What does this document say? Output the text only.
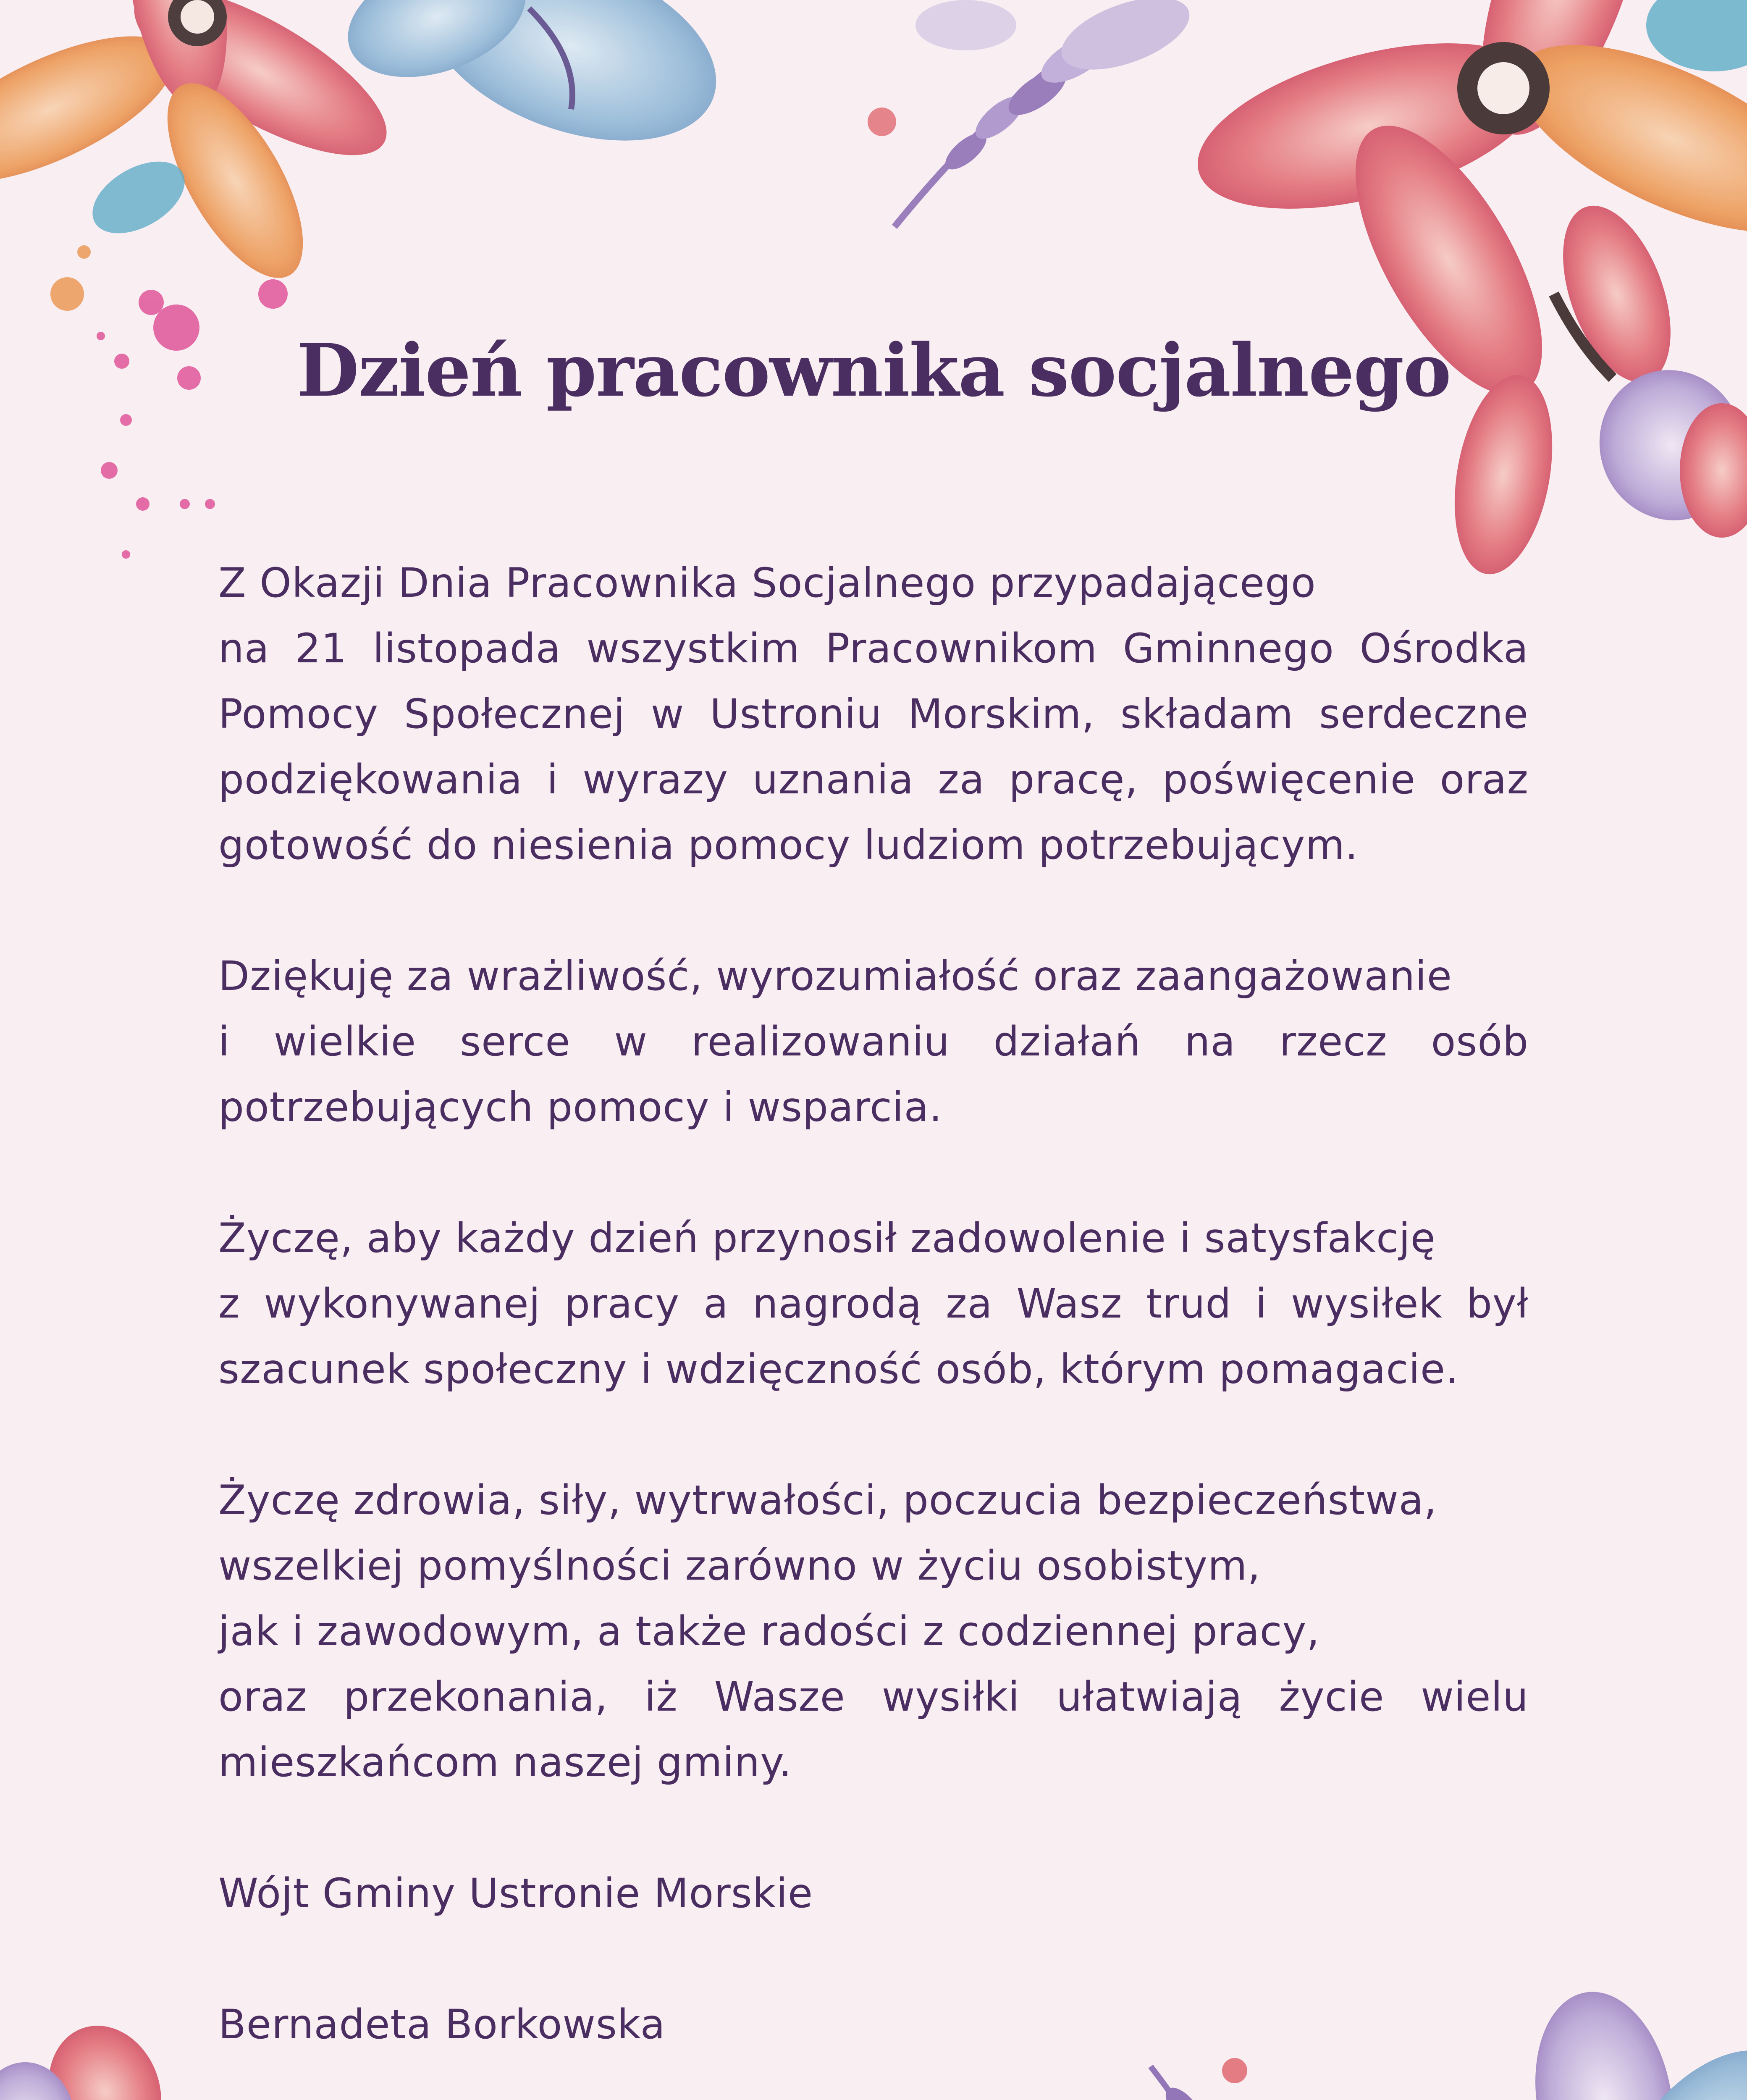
Dzień pracownika socjalnego

Z Okazji Dnia Pracownika Socjalnego przypadającego
na 21 listopada wszystkim Pracownikom Gminnego Ośrodka Pomocy Społecznej w Ustroniu Morskim, składam serdeczne podziękowania i wyrazy uznania za pracę, poświęcenie oraz gotowość do niesienia pomocy ludziom potrzebującym.

Dziękuję za wrażliwość, wyrozumiałość oraz zaangażowanie
i wielkie serce w realizowaniu działań na rzecz osób potrzebujących pomocy i wsparcia.

Życzę, aby każdy dzień przynosił zadowolenie i satysfakcję
z wykonywanej pracy a nagrodą za Wasz trud i wysiłek był szacunek społeczny i wdzięczność osób, którym pomagacie.

Życzę zdrowia, siły, wytrwałości, poczucia bezpieczeństwa,
wszelkiej pomyślności zarówno w życiu osobistym,
jak i zawodowym, a także radości z codziennej pracy,
oraz przekonania, iż Wasze wysiłki ułatwiają życie wielu mieszkańcom naszej gminy.

Wójt Gminy Ustronie Morskie
Bernadeta Borkowska
